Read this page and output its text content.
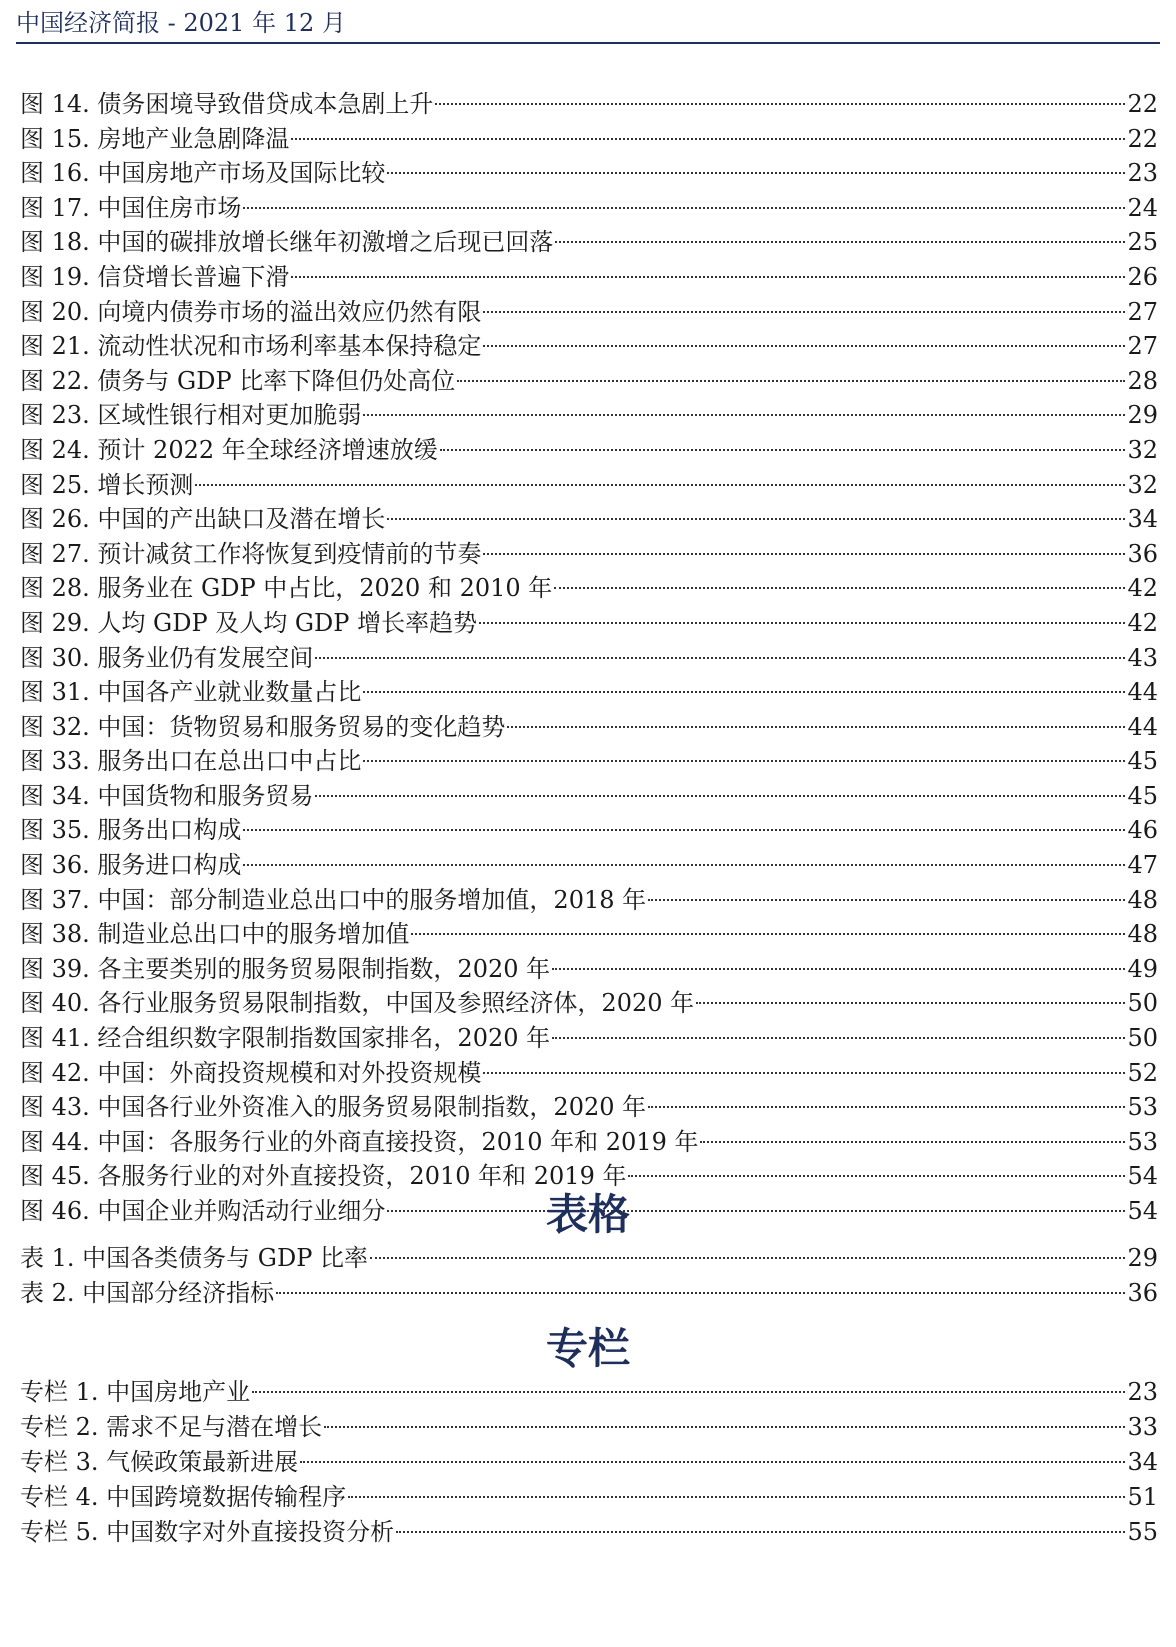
中国经济简报 - 2021 年 12 月
图 14. 债务困境导致借贷成本急剧上升	22
图 15. 房地产业急剧降温	22
图 16. 中国房地产市场及国际比较	23
图 17. 中国住房市场	24
图 18. 中国的碳排放增长继年初激增之后现已回落	25
图 19. 信贷增长普遍下滑	26
图 20. 向境内债券市场的溢出效应仍然有限	27
图 21. 流动性状况和市场利率基本保持稳定	27
图 22. 债务与 GDP 比率下降但仍处高位	28
图 23. 区域性银行相对更加脆弱	29
图 24. 预计 2022 年全球经济增速放缓	32
图 25. 增长预测	32
图 26. 中国的产出缺口及潜在增长	34
图 27. 预计减贫工作将恢复到疫情前的节奏	36
图 28. 服务业在 GDP 中占比，2020 和 2010 年	42
图 29. 人均 GDP 及人均 GDP 增长率趋势	42
图 30. 服务业仍有发展空间	43
图 31. 中国各产业就业数量占比	44
图 32. 中国：货物贸易和服务贸易的变化趋势	44
图 33. 服务出口在总出口中占比	45
图 34. 中国货物和服务贸易	45
图 35. 服务出口构成	46
图 36. 服务进口构成	47
图 37. 中国：部分制造业总出口中的服务增加值，2018 年	48
图 38. 制造业总出口中的服务增加值	48
图 39. 各主要类别的服务贸易限制指数，2020 年	49
图 40. 各行业服务贸易限制指数，中国及参照经济体，2020 年	50
图 41. 经合组织数字限制指数国家排名，2020 年	50
图 42. 中国：外商投资规模和对外投资规模	52
图 43. 中国各行业外资准入的服务贸易限制指数，2020 年	53
图 44. 中国：各服务行业的外商直接投资，2010 年和 2019 年	53
图 45. 各服务行业的对外直接投资，2010 年和 2019 年	54
图 46. 中国企业并购活动行业细分	54
表格
表 1. 中国各类债务与 GDP 比率	29
表 2. 中国部分经济指标	36
专栏
专栏 1. 中国房地产业	23
专栏 2. 需求不足与潜在增长	33
专栏 3. 气候政策最新进展	34
专栏 4. 中国跨境数据传输程序	51
专栏 5. 中国数字对外直接投资分析	55
